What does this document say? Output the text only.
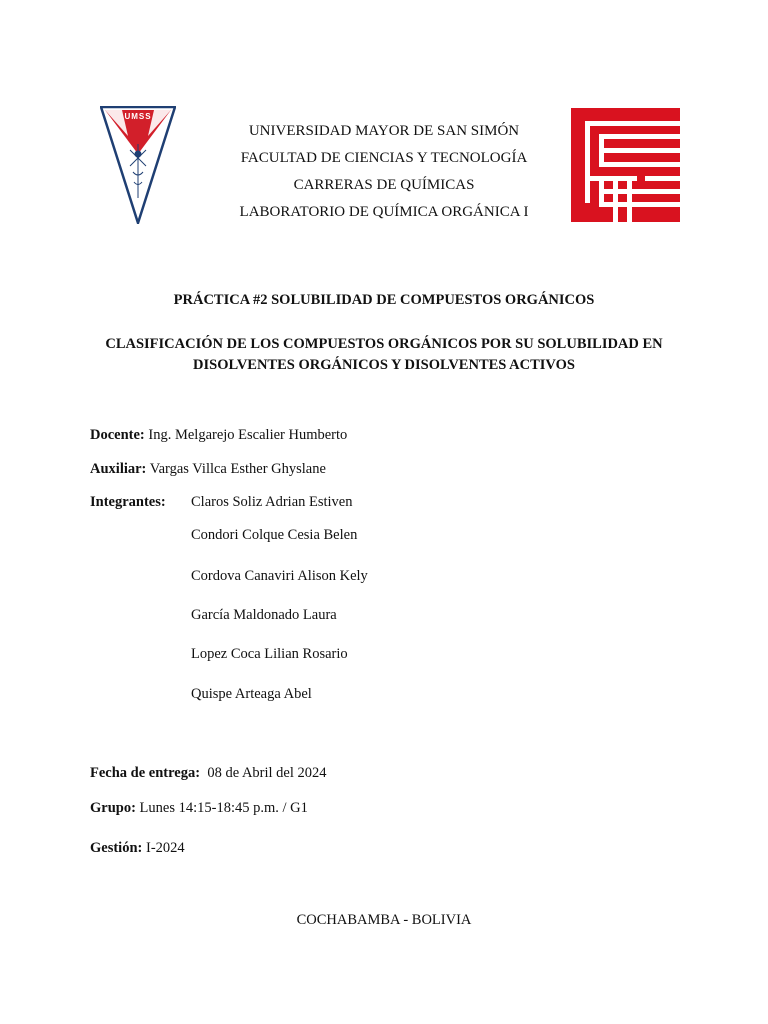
UMSS
UNIVERSIDAD MAYOR DE SAN SIMÓN
FACULTAD DE CIENCIAS Y TECNOLOGÍA
CARRERAS DE QUÍMICAS
LABORATORIO DE QUÍMICA ORGÁNICA I
PRÁCTICA #2 SOLUBILIDAD DE COMPUESTOS ORGÁNICOS
CLASIFICACIÓN DE LOS COMPUESTOS ORGÁNICOS POR SU SOLUBILIDAD EN
DISOLVENTES ORGÁNICOS Y DISOLVENTES ACTIVOS
Docente: Ing. Melgarejo Escalier Humberto
Auxiliar: Vargas Villca Esther Ghyslane
Integrantes: Claros Soliz Adrian Estiven
Condori Colque Cesia Belen
Cordova Canaviri Alison Kely
García Maldonado Laura
Lopez Coca Lilian Rosario
Quispe Arteaga Abel
Fecha de entrega:  08 de Abril del 2024
Grupo: Lunes 14:15-18:45 p.m. / G1
Gestión: I-2024
COCHABAMBA - BOLIVIA
